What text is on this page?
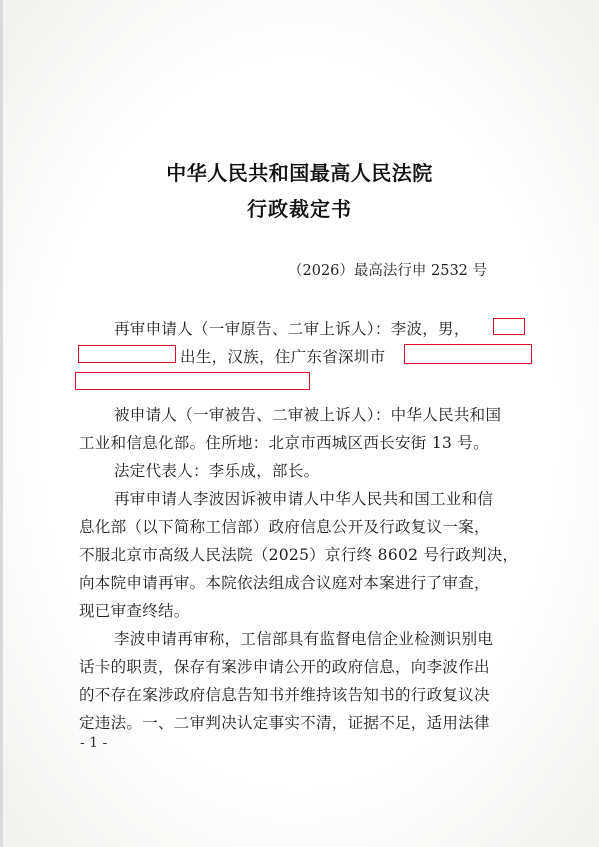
中华人民共和国最高人民法院
行政裁定书
（2026）最高法行申 2532 号
再审申请人（一审原告、二审上诉人）：李波，男，
出生，汉族，住广东省深圳市
被申请人（一审被告、二审被上诉人）：中华人民共和国
工业和信息化部。住所地：北京市西城区西长安街 13 号。
法定代表人：李乐成，部长。
再审申请人李波因诉被申请人中华人民共和国工业和信
息化部（以下简称工信部）政府信息公开及行政复议一案，
不服北京市高级人民法院（2025）京行终 8602 号行政判决，
向本院申请再审。本院依法组成合议庭对本案进行了审查，
现已审查终结。
李波申请再审称，工信部具有监督电信企业检测识别电
话卡的职责，保存有案涉申请公开的政府信息，向李波作出
的不存在案涉政府信息告知书并维持该告知书的行政复议决
定违法。一、二审判决认定事实不清，证据不足，适用法律
- 1 -
